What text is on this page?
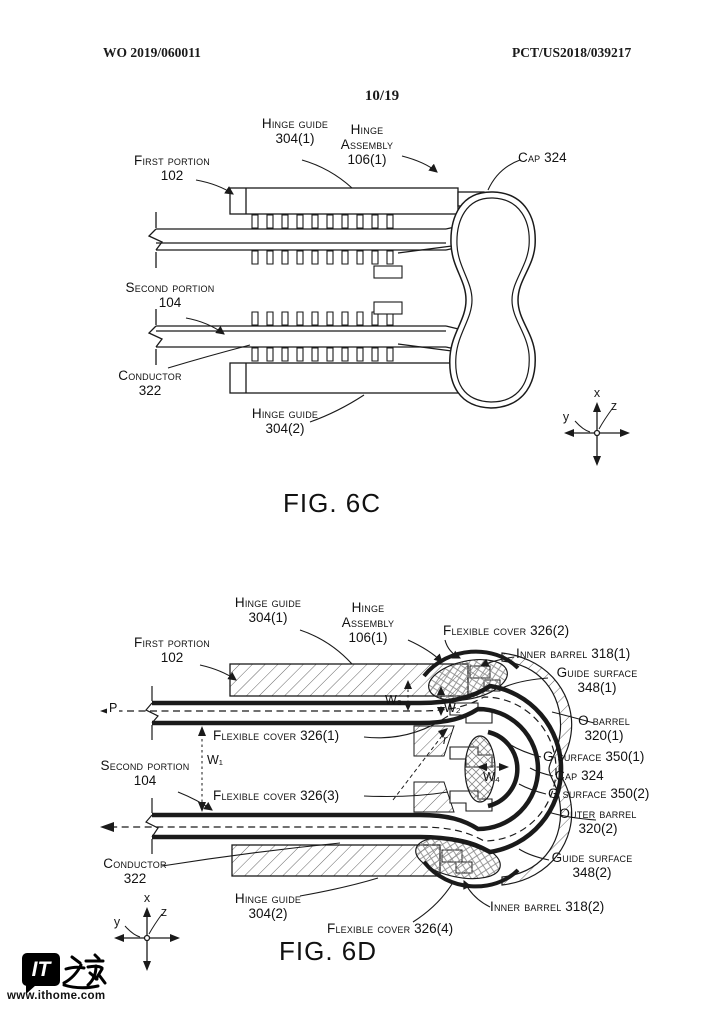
WO 2019/060011	PCT/US2018/039217
10/19
Hinge guide
304(1)
Hinge
Assembly
106(1)
First portion
102
Cap 324
Second portion
104
Conductor
322
Hinge guide
304(2)
x
y
z
FIG. 6C
Hinge guide
304(1)
Hinge
Assembly
106(1)
First portion
102
Flexible cover 326(2)
Inner barrel 318(1)
Guide surface
348(1)
O barrel
320(1)
Flexible cover 326(1)
G surface 350(1)
Cap 324
G surface 350(2)
Second portion
104
Flexible cover 326(3)
Outer barrel
320(2)
Guide surface
348(2)
Conductor
322
Hinge guide
304(2)	Inner barrel 318(2)
Flexible cover 326(4)
P
W₁
W₃
W₂
W₄
r
x
y
z
FIG. 6D
IT
www.ithome.com
